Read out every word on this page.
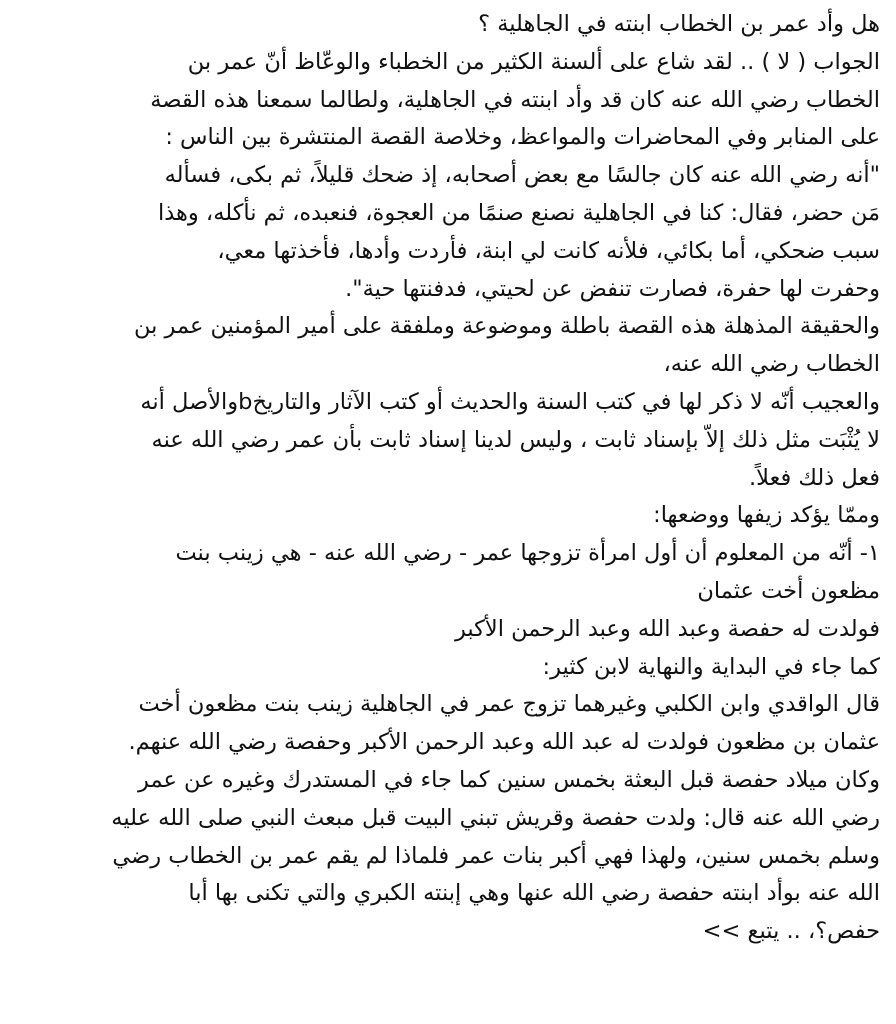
هل وأد عمر بن الخطاب ابنته في الجاهلية ؟
الجواب ( لا ) .. لقد شاع على ألسنة الكثير من الخطباء والوعّاظ أنّ عمر بن
الخطاب رضي الله عنه كان قد وأد ابنته في الجاهلية، ولطالما سمعنا هذه القصة
على المنابر وفي المحاضرات والمواعظ، وخلاصة القصة المنتشرة بين الناس :
"أنه رضي الله عنه كان جالسًا مع بعض أصحابه، إذ ضحك قليلاً، ثم بكى، فسأله
مَن حضر، فقال: كنا في الجاهلية نصنع صنمًا من العجوة، فنعبده، ثم نأكله، وهذا
سبب ضحكي، أما بكائي، فلأنه كانت لي ابنة، فأردت وأدها، فأخذتها معي،
وحفرت لها حفرة، فصارت تنفض عن لحيتي، فدفنتها حية".
والحقيقة المذهلة هذه القصة باطلة وموضوعة وملفقة على أمير المؤمنين عمر بن
الخطاب رضي الله عنه،
والعجيب أنّه لا ذكر لها في كتب السنة والحديث أو كتب الآثار والتاريخbوالأصل أنه
لا يُثْبَت مثل ذلك إلاّ بإسناد ثابت ، وليس لدينا إسناد ثابت بأن عمر رضي الله عنه
فعل ذلك فعلاً.
وممّا يؤكد زيفها ووضعها:
١- أنّه من المعلوم أن أول امرأة تزوجها عمر - رضي الله عنه - هي زينب بنت
مظعون أخت عثمان
فولدت له حفصة وعبد الله وعبد الرحمن الأكبر
كما جاء في البداية والنهاية لابن كثير:
قال الواقدي وابن الكلبي وغيرهما تزوج عمر في الجاهلية زينب بنت مظعون أخت
عثمان بن مظعون فولدت له عبد الله وعبد الرحمن الأكبر وحفصة رضي الله عنهم.
وكان ميلاد حفصة قبل البعثة بخمس سنين كما جاء في المستدرك وغيره عن عمر
رضي الله عنه قال: ولدت حفصة وقريش تبني البيت قبل مبعث النبي صلى الله عليه
وسلم بخمس سنين، ولهذا فهي أكبر بنات عمر فلماذا لم يقم عمر بن الخطاب رضي
الله عنه بوأد ابنته حفصة رضي الله عنها وهي إبنته الكبري والتي تكنى بها أبا
حفص؟، .. يتبع >>
